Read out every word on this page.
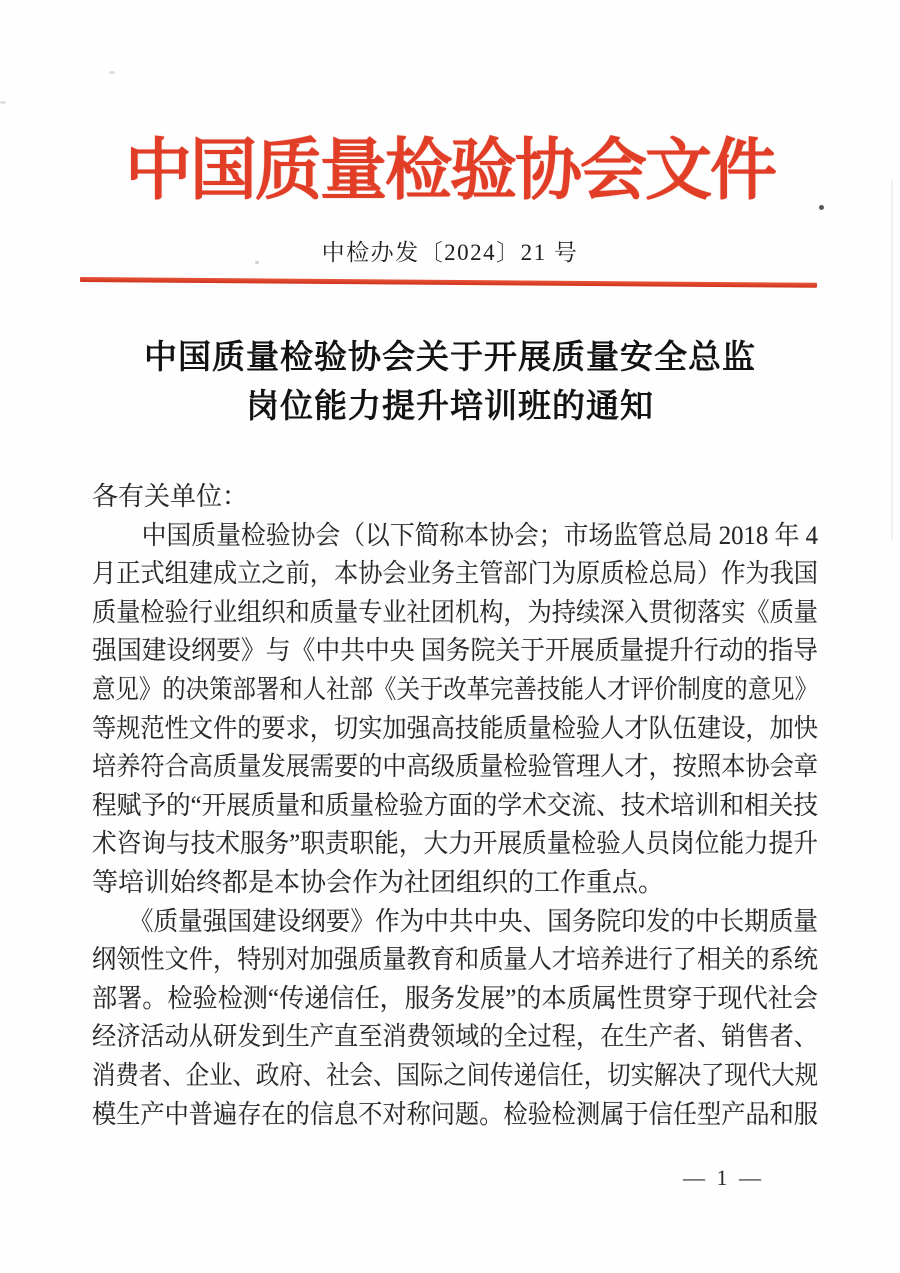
中国质量检验协会文件
中检办发〔2024〕21 号
中国质量检验协会关于开展质量安全总监
岗位能力提升培训班的通知
各有关单位：
　　中国质量检验协会（以下简称本协会；市场监管总局 2018 年 4
月正式组建成立之前，本协会业务主管部门为原质检总局）作为我国
质量检验行业组织和质量专业社团机构，为持续深入贯彻落实《质量
强国建设纲要》与《中共中央 国务院关于开展质量提升行动的指导
意见》的决策部署和人社部《关于改革完善技能人才评价制度的意见》
等规范性文件的要求，切实加强高技能质量检验人才队伍建设，加快
培养符合高质量发展需要的中高级质量检验管理人才，按照本协会章
程赋予的“开展质量和质量检验方面的学术交流、技术培训和相关技
术咨询与技术服务”职责职能，大力开展质量检验人员岗位能力提升
等培训始终都是本协会作为社团组织的工作重点。
　　《质量强国建设纲要》作为中共中央、国务院印发的中长期质量
纲领性文件，特别对加强质量教育和质量人才培养进行了相关的系统
部署。检验检测“传递信任，服务发展”的本质属性贯穿于现代社会
经济活动从研发到生产直至消费领域的全过程，在生产者、销售者、
消费者、企业、政府、社会、国际之间传递信任，切实解决了现代大规
模生产中普遍存在的信息不对称问题。检验检测属于信任型产品和服
— 1 —
